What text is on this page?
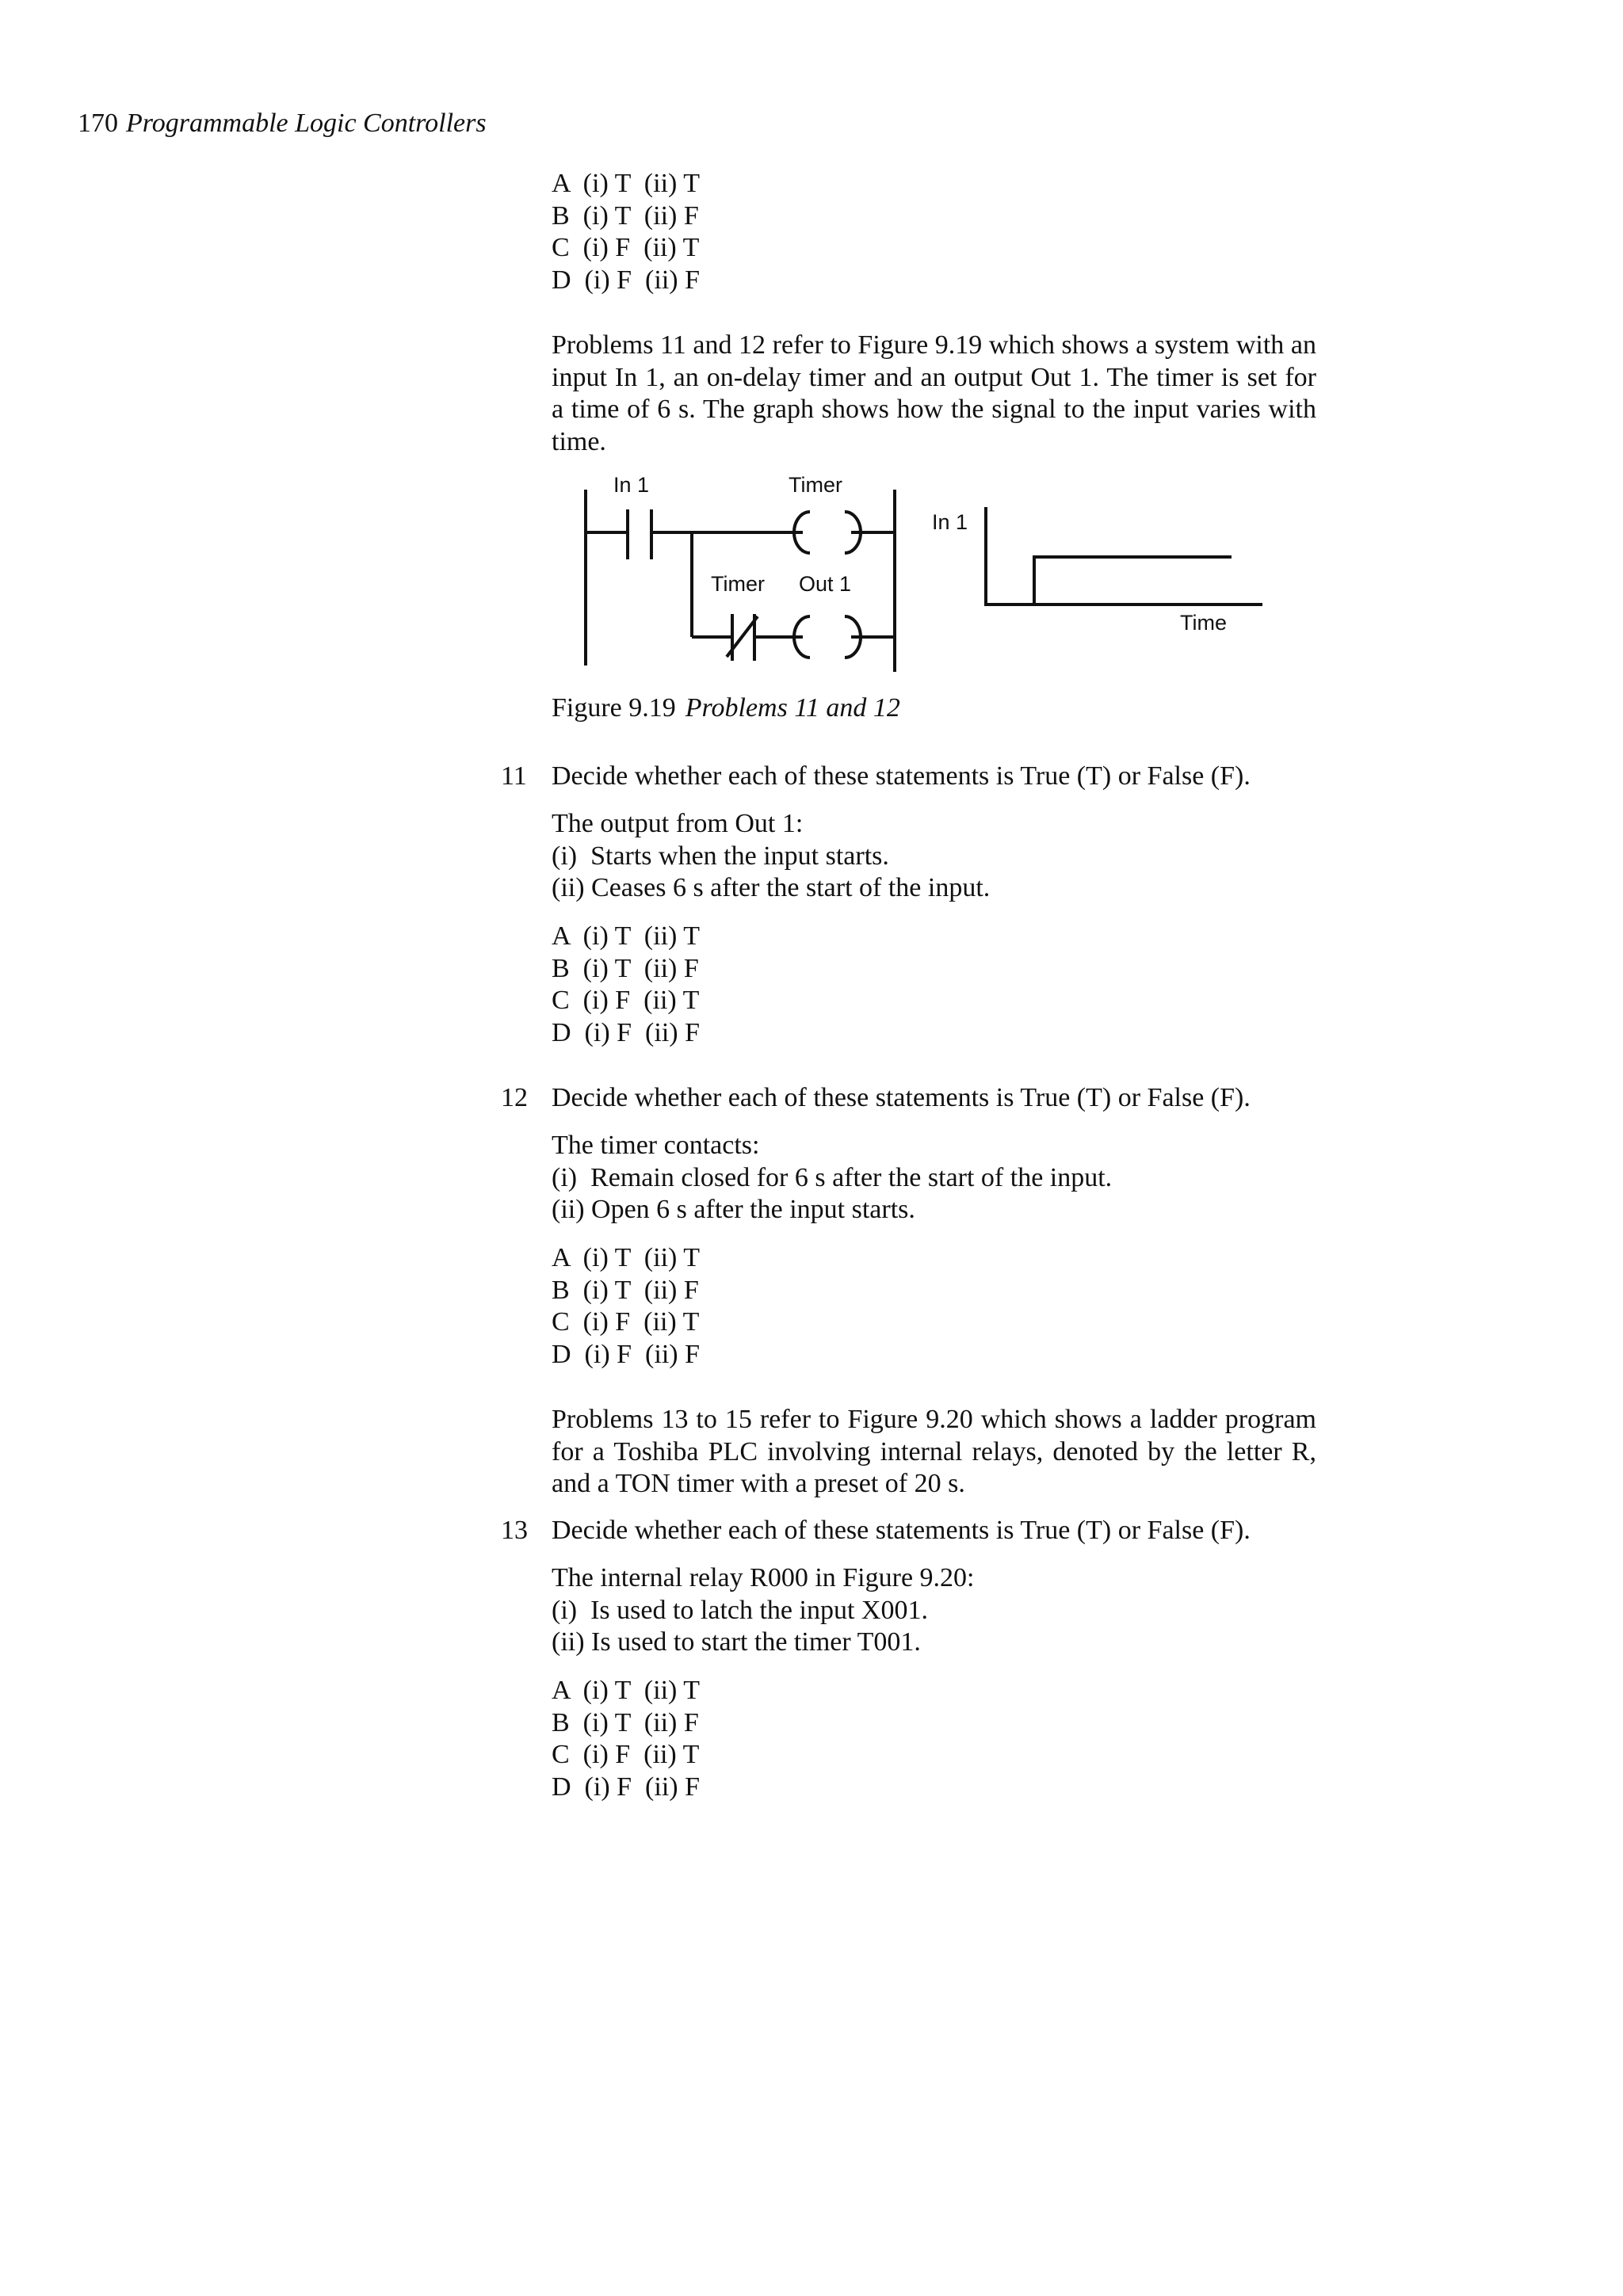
170 Programmable Logic Controllers
A  (i) T  (ii) T
B  (i) T  (ii) F
C  (i) F  (ii) T
D  (i) F  (ii) F
Problems 11 and 12 refer to Figure 9.19 which shows a system with an input In 1, an on-delay timer and an output Out 1. The timer is set for a time of 6 s. The graph shows how the signal to the input varies with time.
In 1	Timer
Timer Out 1
In 1
Time
Figure 9.19 Problems 11 and 12
11 Decide whether each of these statements is True (T) or False (F).
The output from Out 1:
(i)  Starts when the input starts.
(ii) Ceases 6 s after the start of the input.
A  (i) T  (ii) T
B  (i) T  (ii) F
C  (i) F  (ii) T
D  (i) F  (ii) F
12 Decide whether each of these statements is True (T) or False (F).
The timer contacts:
(i)  Remain closed for 6 s after the start of the input.
(ii) Open 6 s after the input starts.
A  (i) T  (ii) T
B  (i) T  (ii) F
C  (i) F  (ii) T
D  (i) F  (ii) F
Problems 13 to 15 refer to Figure 9.20 which shows a ladder program for a Toshiba PLC involving internal relays, denoted by the letter R, and a TON timer with a preset of 20 s.
13 Decide whether each of these statements is True (T) or False (F).
The internal relay R000 in Figure 9.20:
(i)  Is used to latch the input X001.
(ii) Is used to start the timer T001.
A  (i) T  (ii) T
B  (i) T  (ii) F
C  (i) F  (ii) T
D  (i) F  (ii) F
